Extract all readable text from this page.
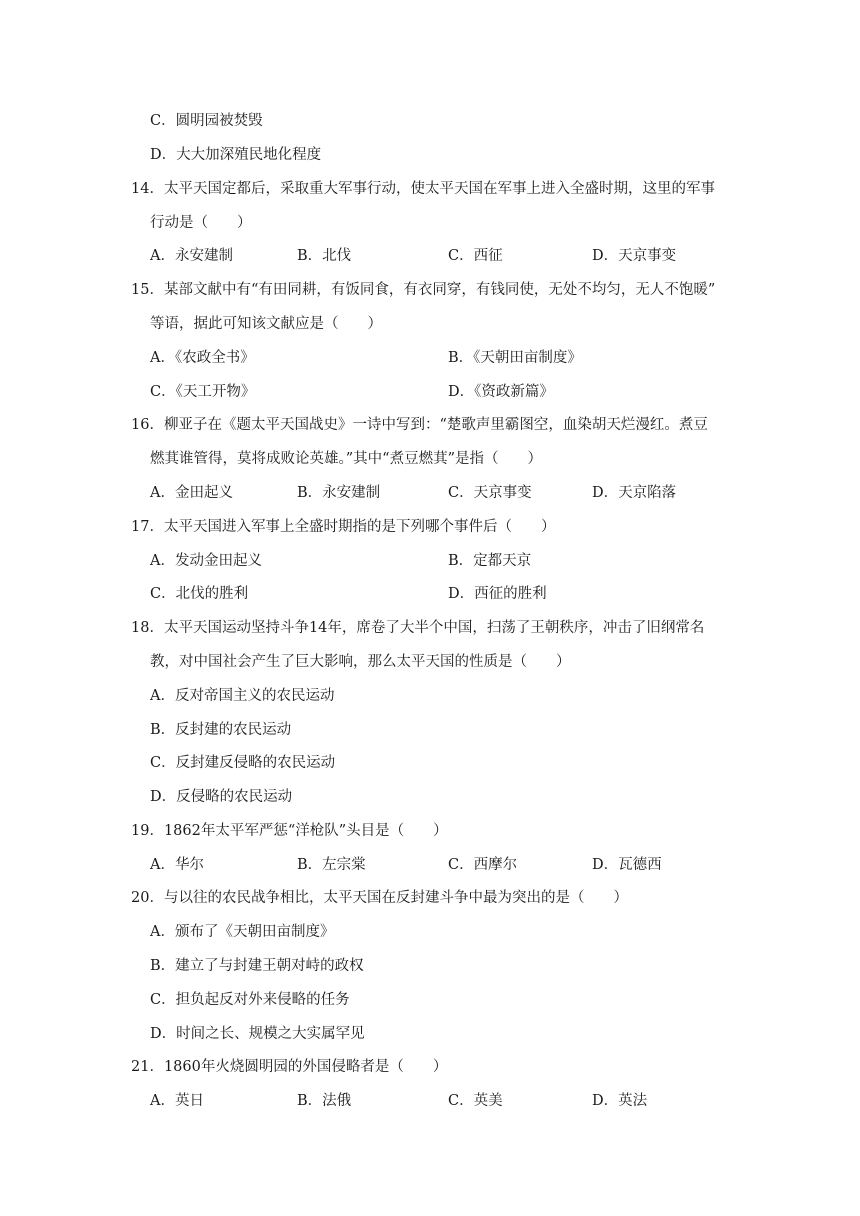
C．圆明园被焚毁
D．大大加深殖民地化程度
14．太平天国定都后，采取重大军事行动，使太平天国在军事上进入全盛时期，这里的军事
行动是（　　）
A．永安建制	B．北伐	C．西征	D．天京事变
15．某部文献中有“有田同耕，有饭同食，有衣同穿，有钱同使，无处不均匀，无人不饱暖”
等语，据此可知该文献应是（　　）
A．《农政全书》	B．《天朝田亩制度》
C．《天工开物》	D．《资政新篇》
16．柳亚子在《题太平天国战史》一诗中写到：“楚歌声里霸图空，血染胡天烂漫红。煮豆
燃萁谁管得，莫将成败论英雄。”其中“煮豆燃萁”是指（　　）
A．金田起义	B．永安建制	C．天京事变	D．天京陷落
17．太平天国进入军事上全盛时期指的是下列哪个事件后（　　）
A．发动金田起义	B．定都天京
C．北伐的胜利	D．西征的胜利
18．太平天国运动坚持斗争14年，席卷了大半个中国，扫荡了王朝秩序，冲击了旧纲常名
教，对中国社会产生了巨大影响，那么太平天国的性质是（　　）
A．反对帝国主义的农民运动
B．反封建的农民运动
C．反封建反侵略的农民运动
D．反侵略的农民运动
19．1862年太平军严惩“洋枪队”头目是（　　）
A．华尔	B．左宗棠	C．西摩尔	D．瓦德西
20．与以往的农民战争相比，太平天国在反封建斗争中最为突出的是（　　）
A．颁布了《天朝田亩制度》
B．建立了与封建王朝对峙的政权
C．担负起反对外来侵略的任务
D．时间之长、规模之大实属罕见
21．1860年火烧圆明园的外国侵略者是（　　）
A．英日	B．法俄	C．英美	D．英法
